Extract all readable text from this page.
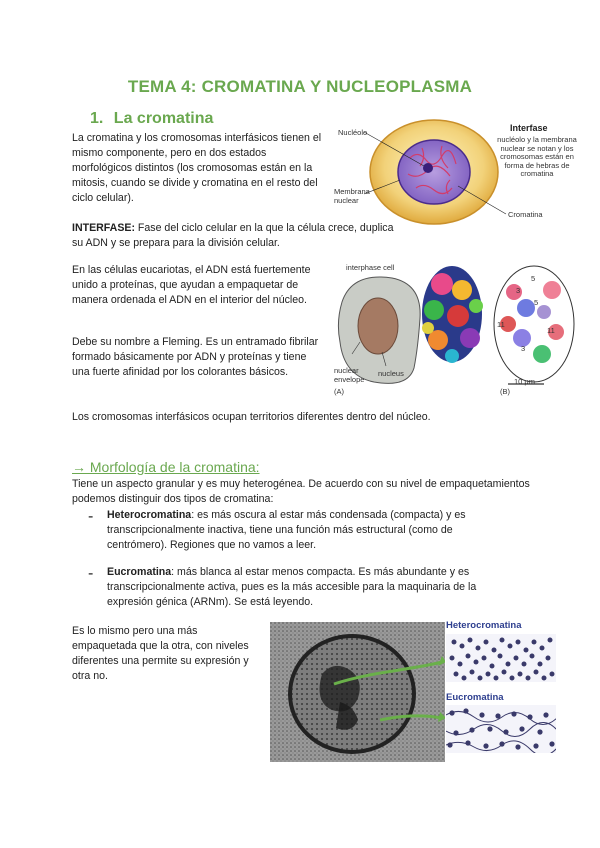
TEMA 4: CROMATINA Y NUCLEOPLASMA
1. La cromatina
La cromatina y los cromosomas interfásicos tienen el mismo componente, pero en dos estados morfológicos distintos (los cromosomas están en la mitosis, cuando se divide y cromatina en el resto del ciclo celular).
INTERFASE: Fase del ciclo celular en la que la célula crece, duplica su ADN y se prepara para la división celular.
En las células eucariotas, el ADN está fuertemente unido a proteínas, que ayudan a empaquetar de manera ordenada el ADN en el interior del núcleo.
Debe su nombre a Fleming. Es un entramado fibrilar formado básicamente por ADN y proteínas y tiene una fuerte afinidad por los colorantes básicos.
Los cromosomas interfásicos ocupan territorios diferentes dentro del núcleo.
Nucléolo
Membrana nuclear
Cromatina
Interfase
nucléolo y la membrana nuclear se notan y los cromosomas están en forma de hebras de cromatina
interphase cell
nuclear envelope
nucleus
(A)	(B)
10 μm
5
3
11
5
11
3
→ Morfología de la cromatina:
Tiene un aspecto granular y es muy heterogénea. De acuerdo con su nivel de empaquetamientos podemos distinguir dos tipos de cromatina:
- Heterocromatina: es más oscura al estar más condensada (compacta) y es transcripcionalmente inactiva, tiene una función más estructural (como de centrómero). Regiones que no vamos a leer.
- Eucromatina: más blanca al estar menos compacta. Es más abundante y es transcripcionalmente activa, pues es la más accesible para la maquinaria de la expresión génica (ARNm). Se está leyendo.
Es lo mismo pero una más empaquetada que la otra, con niveles diferentes una permite su expresión y otra no.
Heterocromatina
Eucromatina
